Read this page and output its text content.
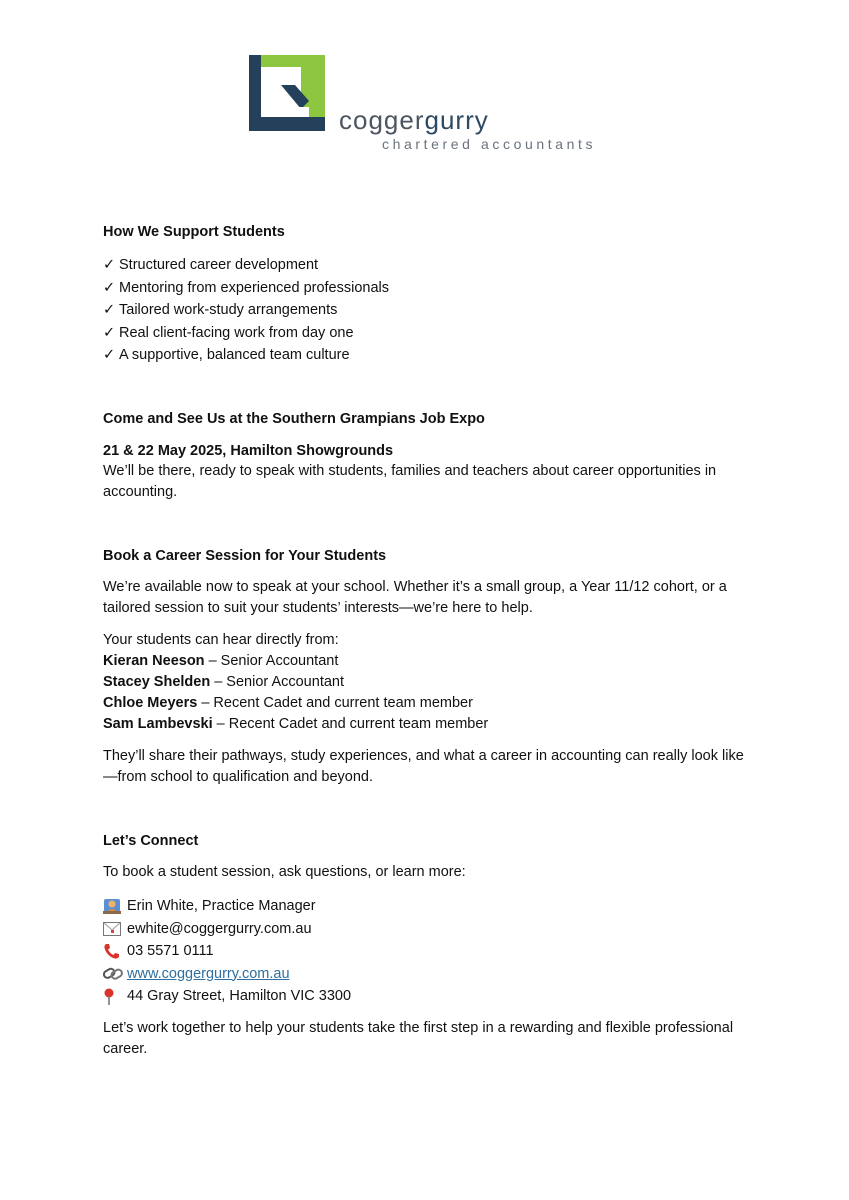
coggergurry
chartered accountants

How We Support Students

✓ Structured career development
✓ Mentoring from experienced professionals
✓ Tailored work-study arrangements
✓ Real client-facing work from day one
✓ A supportive, balanced team culture

Come and See Us at the Southern Grampians Job Expo

21 & 22 May 2025, Hamilton Showgrounds

We’ll be there, ready to speak with students, families and teachers about career opportunities in accounting.

Book a Career Session for Your Students

We’re available now to speak at your school. Whether it’s a small group, a Year 11/12 cohort, or a tailored session to suit your students’ interests—we’re here to help.

Your students can hear directly from:

Kieran Neeson – Senior Accountant
Stacey Shelden – Senior Accountant
Chloe Meyers – Recent Cadet and current team member
Sam Lambevski – Recent Cadet and current team member

They’ll share their pathways, study experiences, and what a career in accounting can really look like—from school to qualification and beyond.

Let’s Connect

To book a student session, ask questions, or learn more:

Erin White, Practice Manager
ewhite@coggergurry.com.au
03 5571 0111
www.coggergurry.com.au
44 Gray Street, Hamilton VIC 3300

Let’s work together to help your students take the first step in a rewarding and flexible professional career.
